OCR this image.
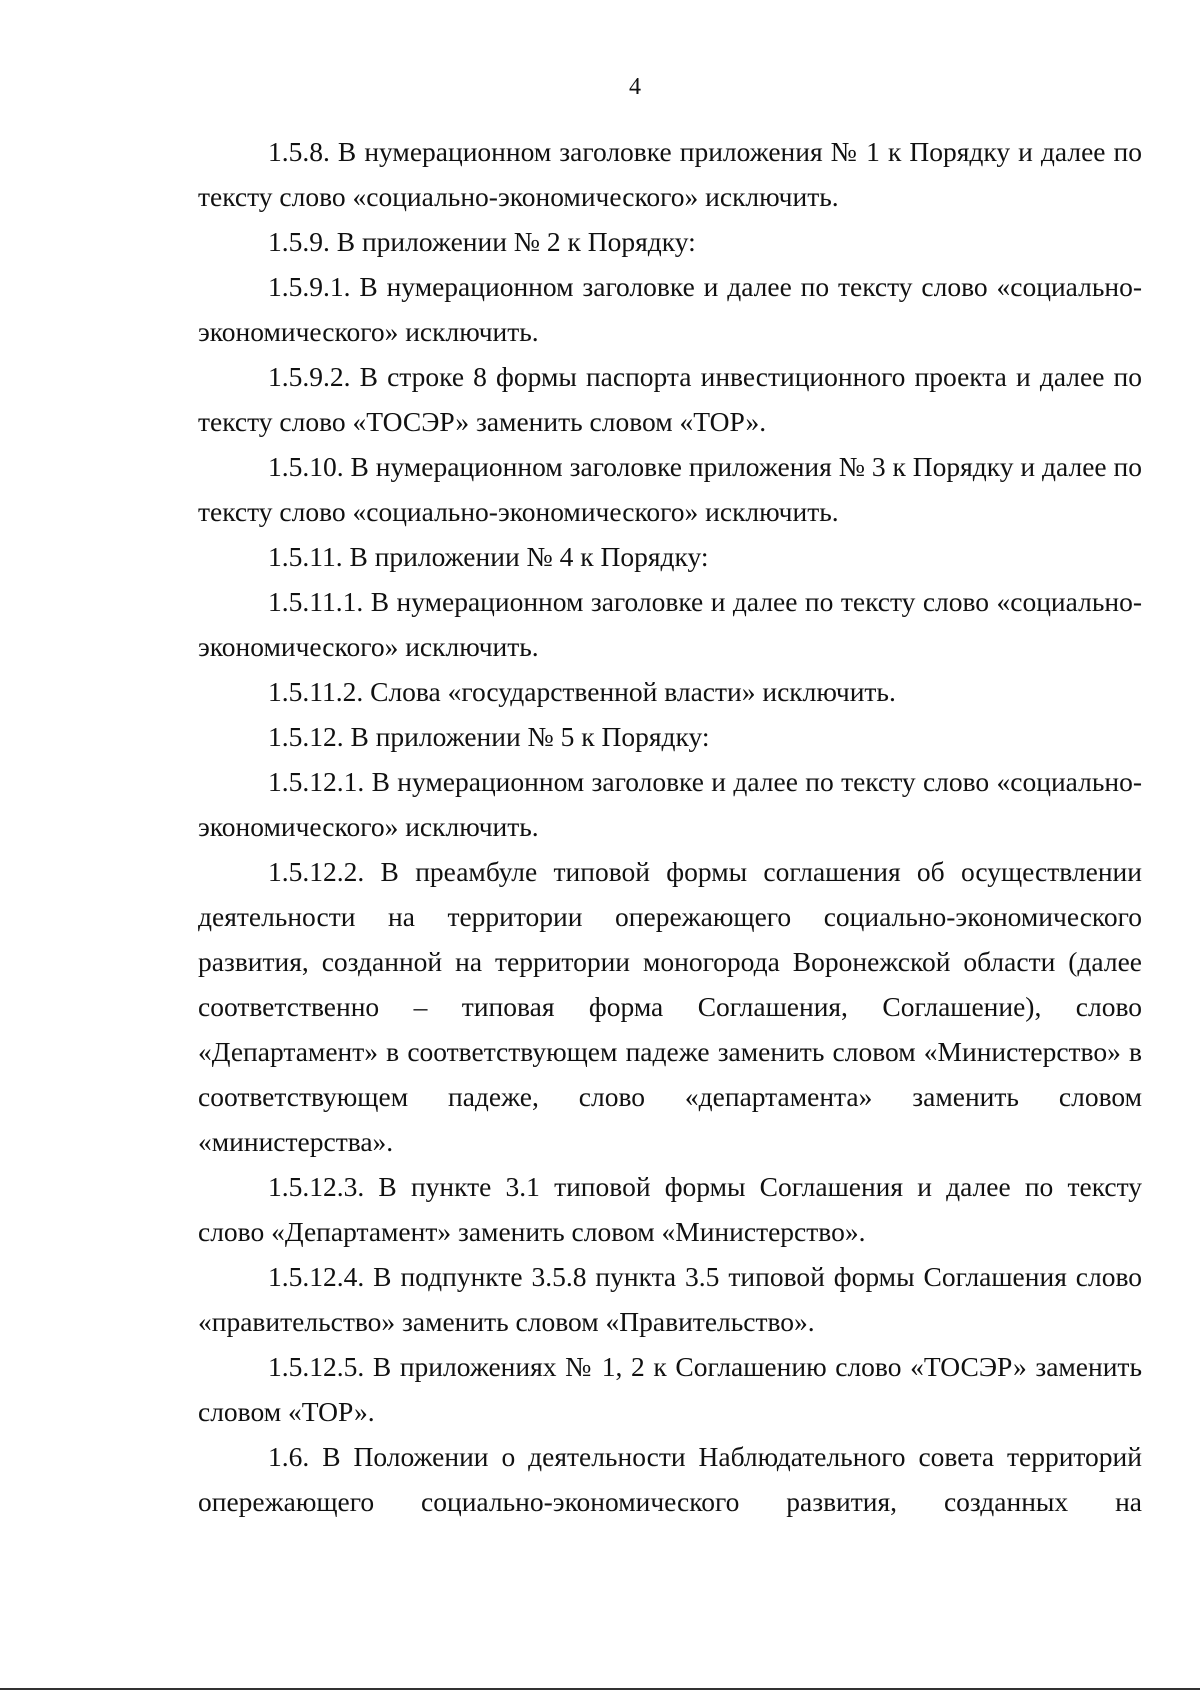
4

1.5.8. В нумерационном заголовке приложения № 1 к Порядку и далее по тексту слово «социально-экономического» исключить.

1.5.9. В приложении № 2 к Порядку:

1.5.9.1. В нумерационном заголовке и далее по тексту слово «социально-экономического» исключить.

1.5.9.2. В строке 8 формы паспорта инвестиционного проекта и далее по тексту слово «ТОСЭР» заменить словом «ТОР».

1.5.10. В нумерационном заголовке приложения № 3 к Порядку и далее по тексту слово «социально-экономического» исключить.

1.5.11. В приложении № 4 к Порядку:

1.5.11.1. В нумерационном заголовке и далее по тексту слово «социально-экономического» исключить.

1.5.11.2. Слова «государственной власти» исключить.

1.5.12. В приложении № 5 к Порядку:

1.5.12.1. В нумерационном заголовке и далее по тексту слово «социально-экономического» исключить.

1.5.12.2. В преамбуле типовой формы соглашения об осуществлении деятельности на территории опережающего социально-экономического развития, созданной на территории моногорода Воронежской области (далее соответственно – типовая форма Соглашения, Соглашение), слово «Департамент» в соответствующем падеже заменить словом «Министерство» в соответствующем падеже, слово «департамента» заменить словом «министерства».

1.5.12.3. В пункте 3.1 типовой формы Соглашения и далее по тексту слово «Департамент» заменить словом «Министерство».

1.5.12.4. В подпункте 3.5.8 пункта 3.5 типовой формы Соглашения слово «правительство» заменить словом «Правительство».

1.5.12.5. В приложениях № 1, 2 к Соглашению слово «ТОСЭР» заменить словом «ТОР».

1.6. В Положении о деятельности Наблюдательного совета территорий опережающего социально-экономического развития, созданных на
